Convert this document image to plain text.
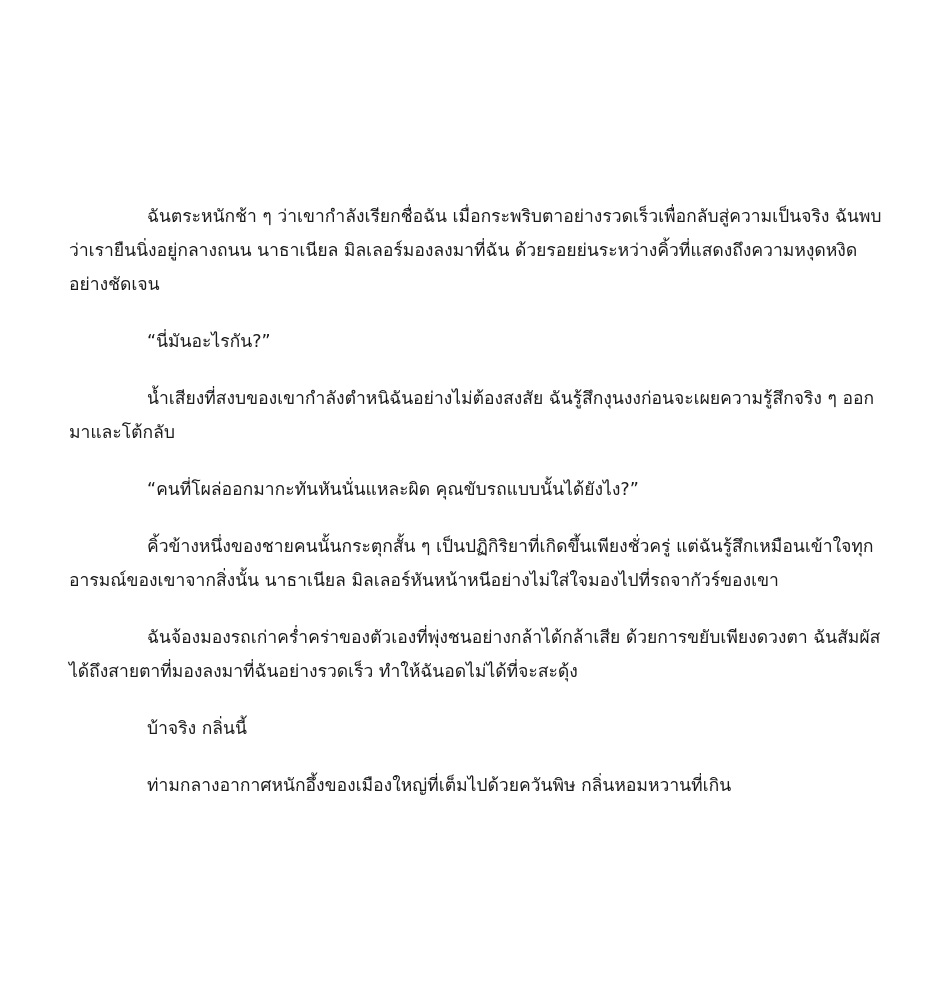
ฉันตระหนักช้า ๆ ว่าเขากำลังเรียกชื่อฉัน เมื่อกระพริบตาอย่างรวดเร็วเพื่อกลับสู่ความเป็นจริง ฉันพบว่าเรายืนนิ่งอยู่กลางถนน นาธาเนียล มิลเลอร์มองลงมาที่ฉัน ด้วยรอยย่นระหว่างคิ้วที่แสดงถึงความหงุดหงิดอย่างชัดเจน

“นี่มันอะไรกัน?”

น้ำเสียงที่สงบของเขากำลังตำหนิฉันอย่างไม่ต้องสงสัย ฉันรู้สึกงุนงงก่อนจะเผยความรู้สึกจริง ๆ ออกมาและโต้กลับ

“คนที่โผล่ออกมากะทันหันนั่นแหละผิด คุณขับรถแบบนั้นได้ยังไง?”

คิ้วข้างหนึ่งของชายคนนั้นกระตุกสั้น ๆ เป็นปฏิกิริยาที่เกิดขึ้นเพียงชั่วครู่ แต่ฉันรู้สึกเหมือนเข้าใจทุกอารมณ์ของเขาจากสิ่งนั้น นาธาเนียล มิลเลอร์หันหน้าหนีอย่างไม่ใส่ใจมองไปที่รถจากัวร์ของเขา

ฉันจ้องมองรถเก่าคร่ำคร่าของตัวเองที่พุ่งชนอย่างกล้าได้กล้าเสีย ด้วยการขยับเพียงดวงตา ฉันสัมผัสได้ถึงสายตาที่มองลงมาที่ฉันอย่างรวดเร็ว ทำให้ฉันอดไม่ได้ที่จะสะดุ้ง

บ้าจริง กลิ่นนี้

ท่ามกลางอากาศหนักอึ้งของเมืองใหญ่ที่เต็มไปด้วยควันพิษ กลิ่นหอมหวานที่เกิน
